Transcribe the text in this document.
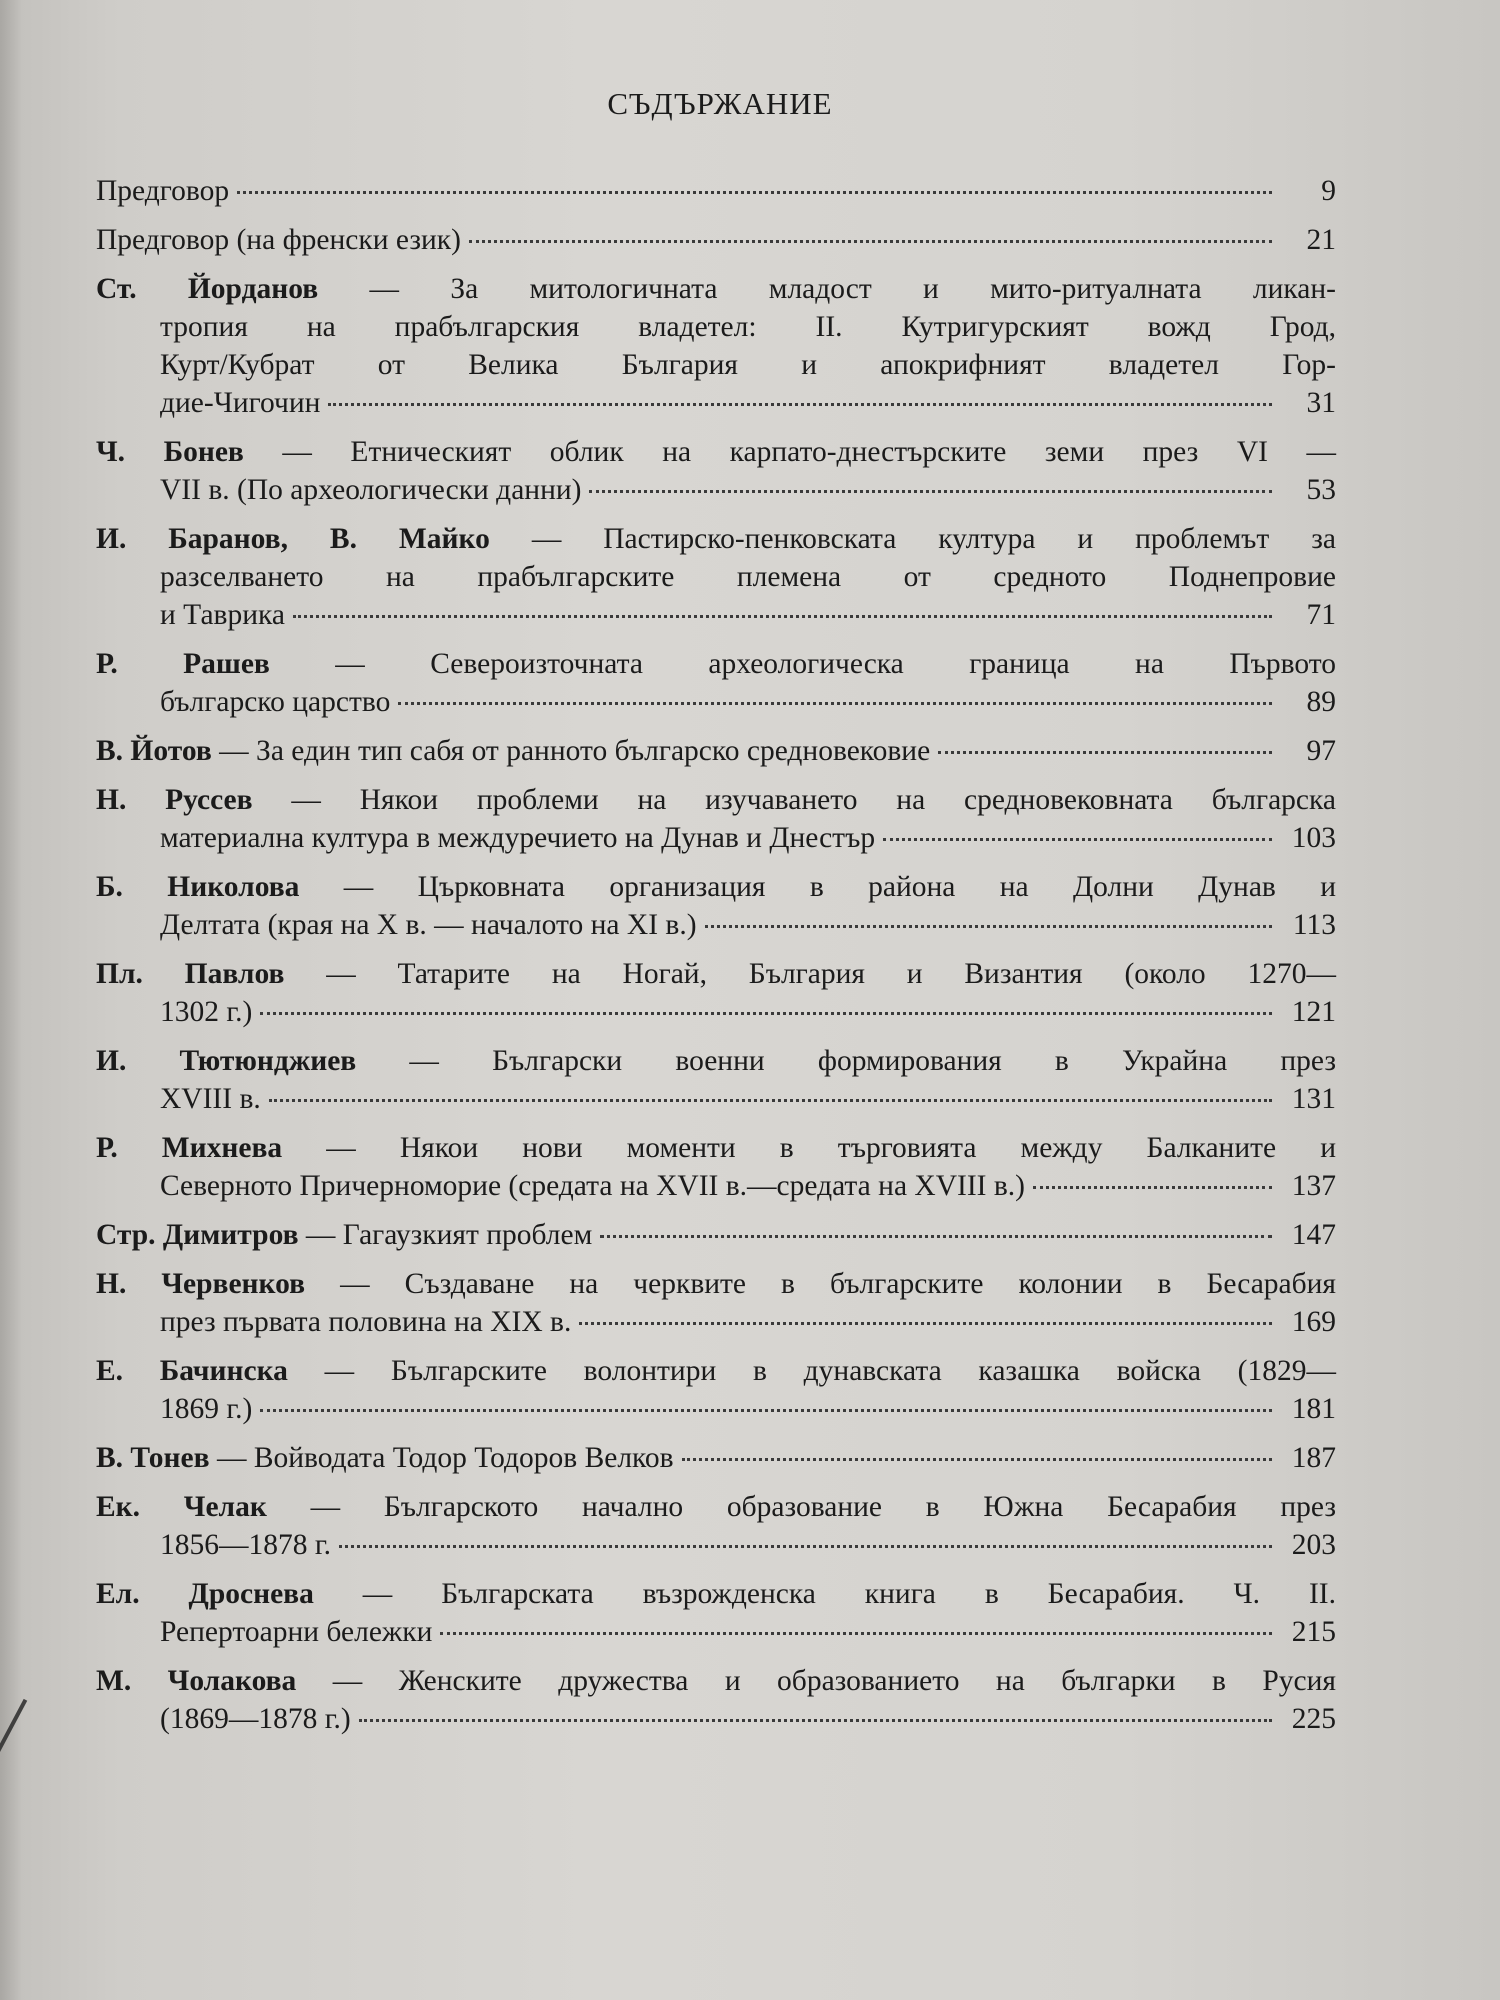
СЪДЪРЖАНИЕ
Предговор	9
Предговор (на френски език)	21
Ст. Йорданов — За митологичната младост и мито-ритуалната ликан-
тропия на прабългарския владетел: II. Кутригурският вожд Грод,
Курт/Кубрат от Велика България и апокрифният владетел Гор-
дие-Чигочин	31
Ч. Бонев — Етническият облик на карпато-днестърските земи през VI —
VII в. (По археологически данни)	53
И. Баранов, В. Майко — Пастирско-пенковската култура и проблемът за
разселването на прабългарските племена от средното Поднепровие
и Таврика	71
Р. Рашев — Североизточната археологическа граница на Първото
българско царство	89
В. Йотов — За един тип сабя от ранното българско средновековие	97
Н. Руссев — Някои проблеми на изучаването на средновековната българска
материална култура в междуречието на Дунав и Днестър	103
Б. Николова — Църковната организация в района на Долни Дунав и
Делтата (края на X в. — началото на XI в.)	113
Пл. Павлов — Татарите на Ногай, България и Византия (около 1270—
1302 г.)	121
И. Тютюнджиев — Български военни формирования в Украйна през
XVIII в.	131
Р. Михнева — Някои нови моменти в търговията между Балканите и
Северното Причерноморие (средата на XVII в.—средата на XVIII в.)	137
Стр. Димитров — Гагаузкият проблем	147
Н. Червенков — Създаване на черквите в българските колонии в Бесарабия
през първата половина на XIX в.	169
Е. Бачинска — Българските волонтири в дунавската казашка войска (1829—
1869 г.)	181
В. Тонев — Войводата Тодор Тодоров Велков	187
Ек. Челак — Българското начално образование в Южна Бесарабия през
1856—1878 г.	203
Ел. Дроснева — Българската възрожденска книга в Бесарабия. Ч. II.
Репертоарни бележки	215
М. Чолакова — Женските дружества и образованието на българки в Русия
(1869—1878 г.)	225
